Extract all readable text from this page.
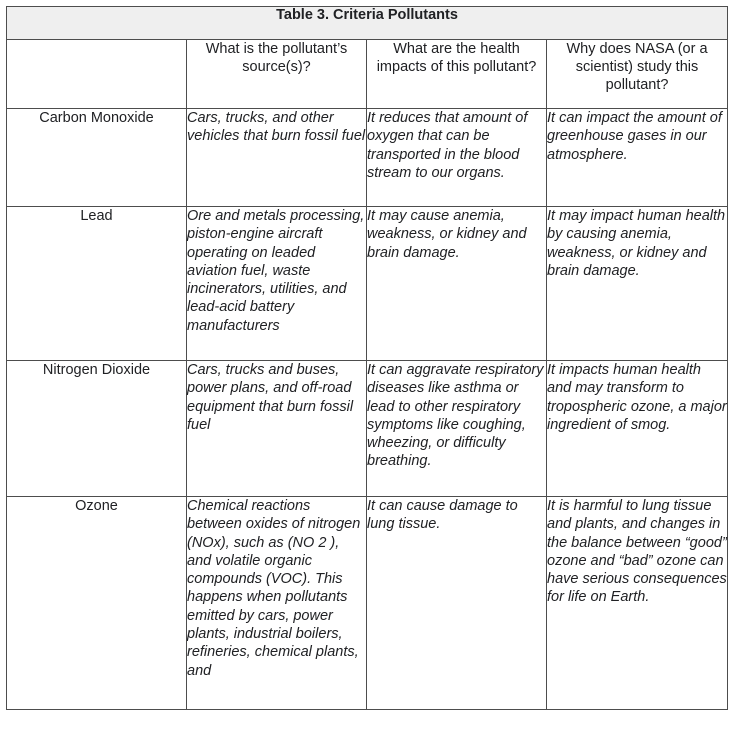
Table 3. Criteria Pollutants			
	What is the pollutant’s source(s)?	What are the health impacts of this pollutant?	Why does NASA (or a scientist) study this pollutant?
Carbon Monoxide	Cars, trucks, and other vehicles that burn fossil fuel	It reduces that amount of oxygen that can be transported in the blood stream to our organs.	It can impact the amount of greenhouse gases in our atmosphere.
Lead	Ore and metals processing, piston-engine aircraft operating on leaded aviation fuel, waste incinerators, utilities, and lead-acid battery manufacturers	It may cause anemia, weakness, or kidney and brain damage.	It may impact human health by causing anemia, weakness, or kidney and brain damage.
Nitrogen Dioxide	Cars, trucks and buses, power plans, and off-road equipment that burn fossil fuel	It can aggravate respiratory diseases like asthma or lead to other respiratory symptoms like coughing, wheezing, or difficulty breathing.	It impacts human health and may transform to tropospheric ozone, a major ingredient of smog.
Ozone	Chemical reactions between oxides of nitrogen (NOx), such as (NO 2 ), and volatile organic compounds (VOC). This happens when pollutants emitted by cars, power plants, industrial boilers, refineries, chemical plants, and	It can cause damage to lung tissue.	It is harmful to lung tissue and plants, and changes in the balance between “good” ozone and “bad” ozone can have serious consequences for life on Earth.
